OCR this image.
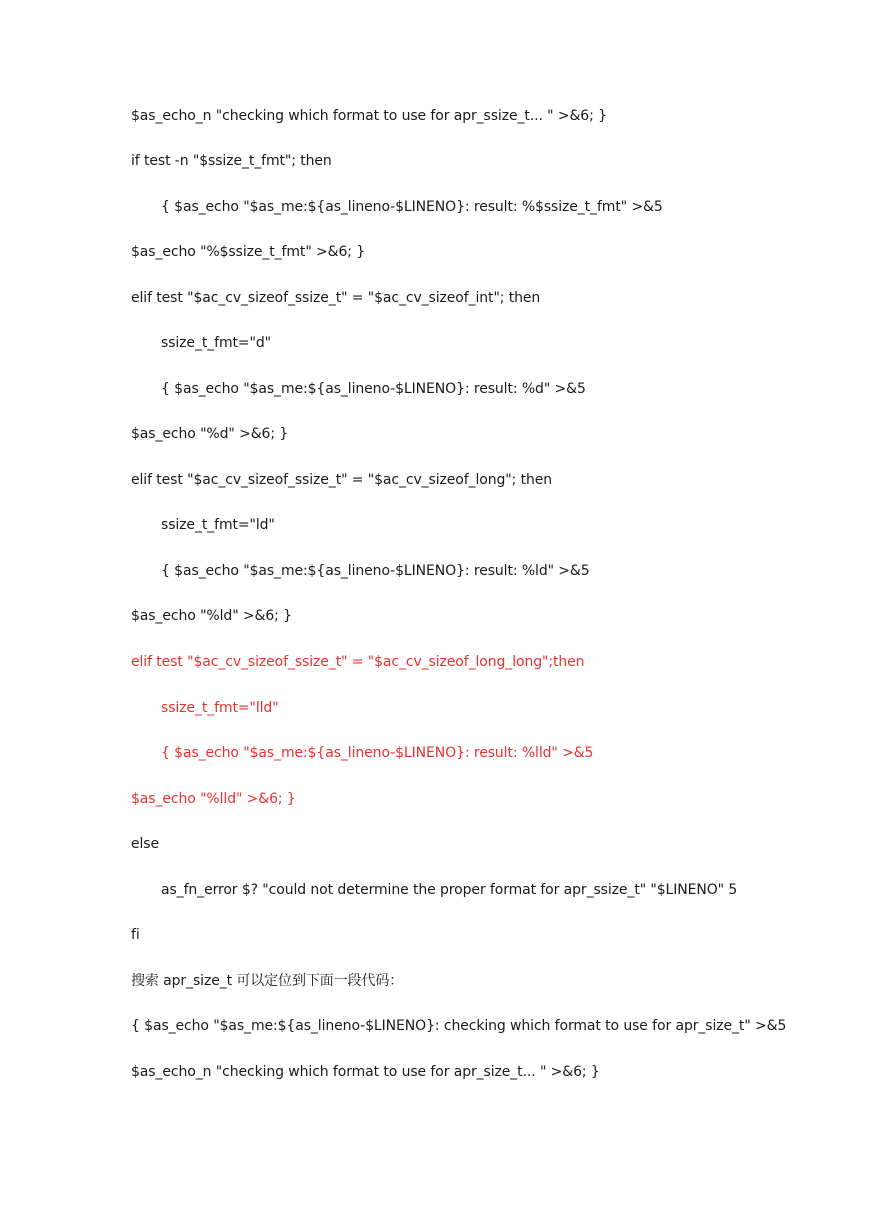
$as_echo_n "checking which format to use for apr_ssize_t... " >&6; }
if test -n "$ssize_t_fmt"; then
{ $as_echo "$as_me:${as_lineno-$LINENO}: result: %$ssize_t_fmt" >&5
$as_echo "%$ssize_t_fmt" >&6; }
elif test "$ac_cv_sizeof_ssize_t" = "$ac_cv_sizeof_int"; then
ssize_t_fmt="d"
{ $as_echo "$as_me:${as_lineno-$LINENO}: result: %d" >&5
$as_echo "%d" >&6; }
elif test "$ac_cv_sizeof_ssize_t" = "$ac_cv_sizeof_long"; then
ssize_t_fmt="ld"
{ $as_echo "$as_me:${as_lineno-$LINENO}: result: %ld" >&5
$as_echo "%ld" >&6; }
elif test "$ac_cv_sizeof_ssize_t" = "$ac_cv_sizeof_long_long";then
ssize_t_fmt="lld"
{ $as_echo "$as_me:${as_lineno-$LINENO}: result: %lld" >&5
$as_echo "%lld" >&6; }
else
as_fn_error $? "could not determine the proper format for apr_ssize_t" "$LINENO" 5
fi
搜索 apr_size_t 可以定位到下面一段代码：
{ $as_echo "$as_me:${as_lineno-$LINENO}: checking which format to use for apr_size_t" >&5
$as_echo_n "checking which format to use for apr_size_t... " >&6; }
